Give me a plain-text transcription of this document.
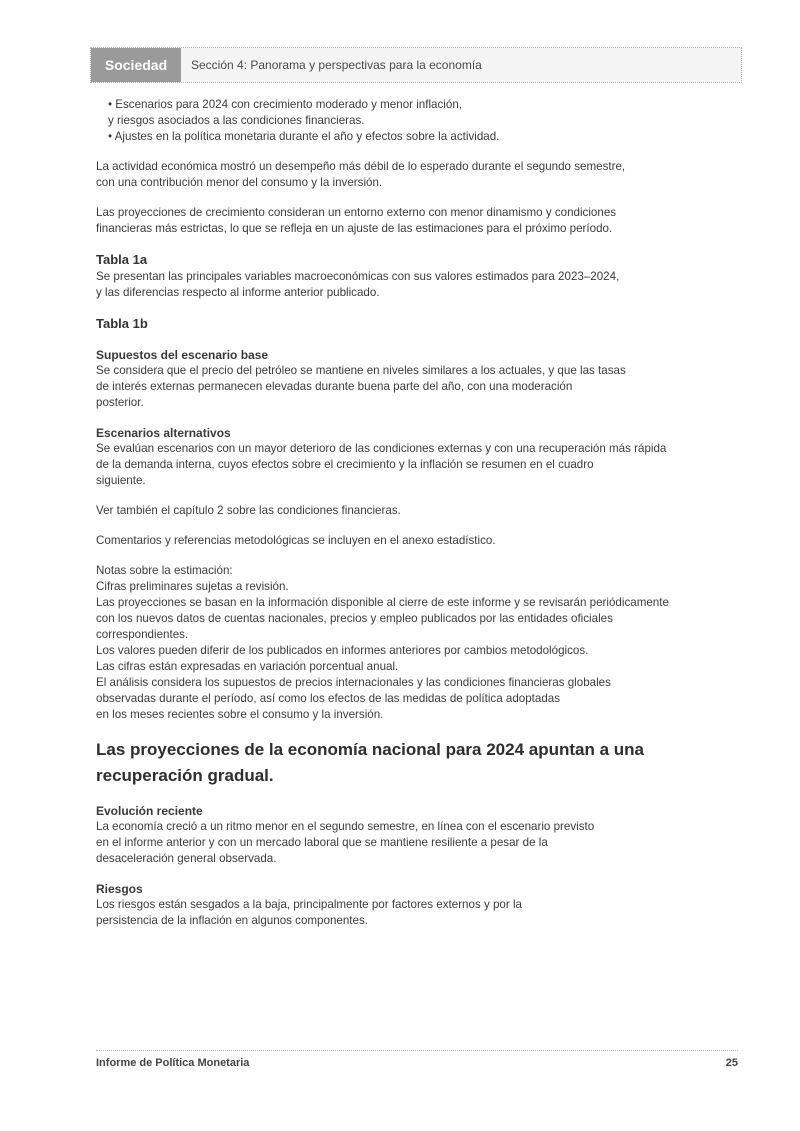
Sociedad	Sección 4: Panorama y perspectivas para la economía
• Escenarios para 2024 con crecimiento moderado y menor inflación,
y riesgos asociados a las condiciones financieras.
• Ajustes en la política monetaria durante el año y efectos sobre la actividad.
La actividad económica mostró un desempeño más débil de lo esperado durante el segundo semestre,
con una contribución menor del consumo y la inversión.
Las proyecciones de crecimiento consideran un entorno externo con menor dinamismo y condiciones
financieras más estrictas, lo que se refleja en un ajuste de las estimaciones para el próximo período.
Tabla 1a
Se presentan las principales variables macroeconómicas con sus valores estimados para 2023–2024,
y las diferencias respecto al informe anterior publicado.
Tabla 1b
Supuestos del escenario base
Se considera que el precio del petróleo se mantiene en niveles similares a los actuales, y que las tasas
de interés externas permanecen elevadas durante buena parte del año, con una moderación
posterior.
Escenarios alternativos
Se evalúan escenarios con un mayor deterioro de las condiciones externas y con una recuperación más rápida
de la demanda interna, cuyos efectos sobre el crecimiento y la inflación se resumen en el cuadro
siguiente.
Ver también el capítulo 2 sobre las condiciones financieras.
Comentarios y referencias metodológicas se incluyen en el anexo estadístico.
Notas sobre la estimación:
Cifras preliminares sujetas a revisión.
Las proyecciones se basan en la información disponible al cierre de este informe y se revisarán periódicamente
con los nuevos datos de cuentas nacionales, precios y empleo publicados por las entidades oficiales
correspondientes.
Los valores pueden diferir de los publicados en informes anteriores por cambios metodológicos.
Las cifras están expresadas en variación porcentual anual.
El análisis considera los supuestos de precios internacionales y las condiciones financieras globales
observadas durante el período, así como los efectos de las medidas de política adoptadas
en los meses recientes sobre el consumo y la inversión.
Las proyecciones de la economía nacional para 2024 apuntan a una recuperación gradual.
Evolución reciente
La economía creció a un ritmo menor en el segundo semestre, en línea con el escenario previsto
en el informe anterior y con un mercado laboral que se mantiene resiliente a pesar de la
desaceleración general observada.
Riesgos
Los riesgos están sesgados a la baja, principalmente por factores externos y por la
persistencia de la inflación en algunos componentes.
Informe de Política Monetaria	25
